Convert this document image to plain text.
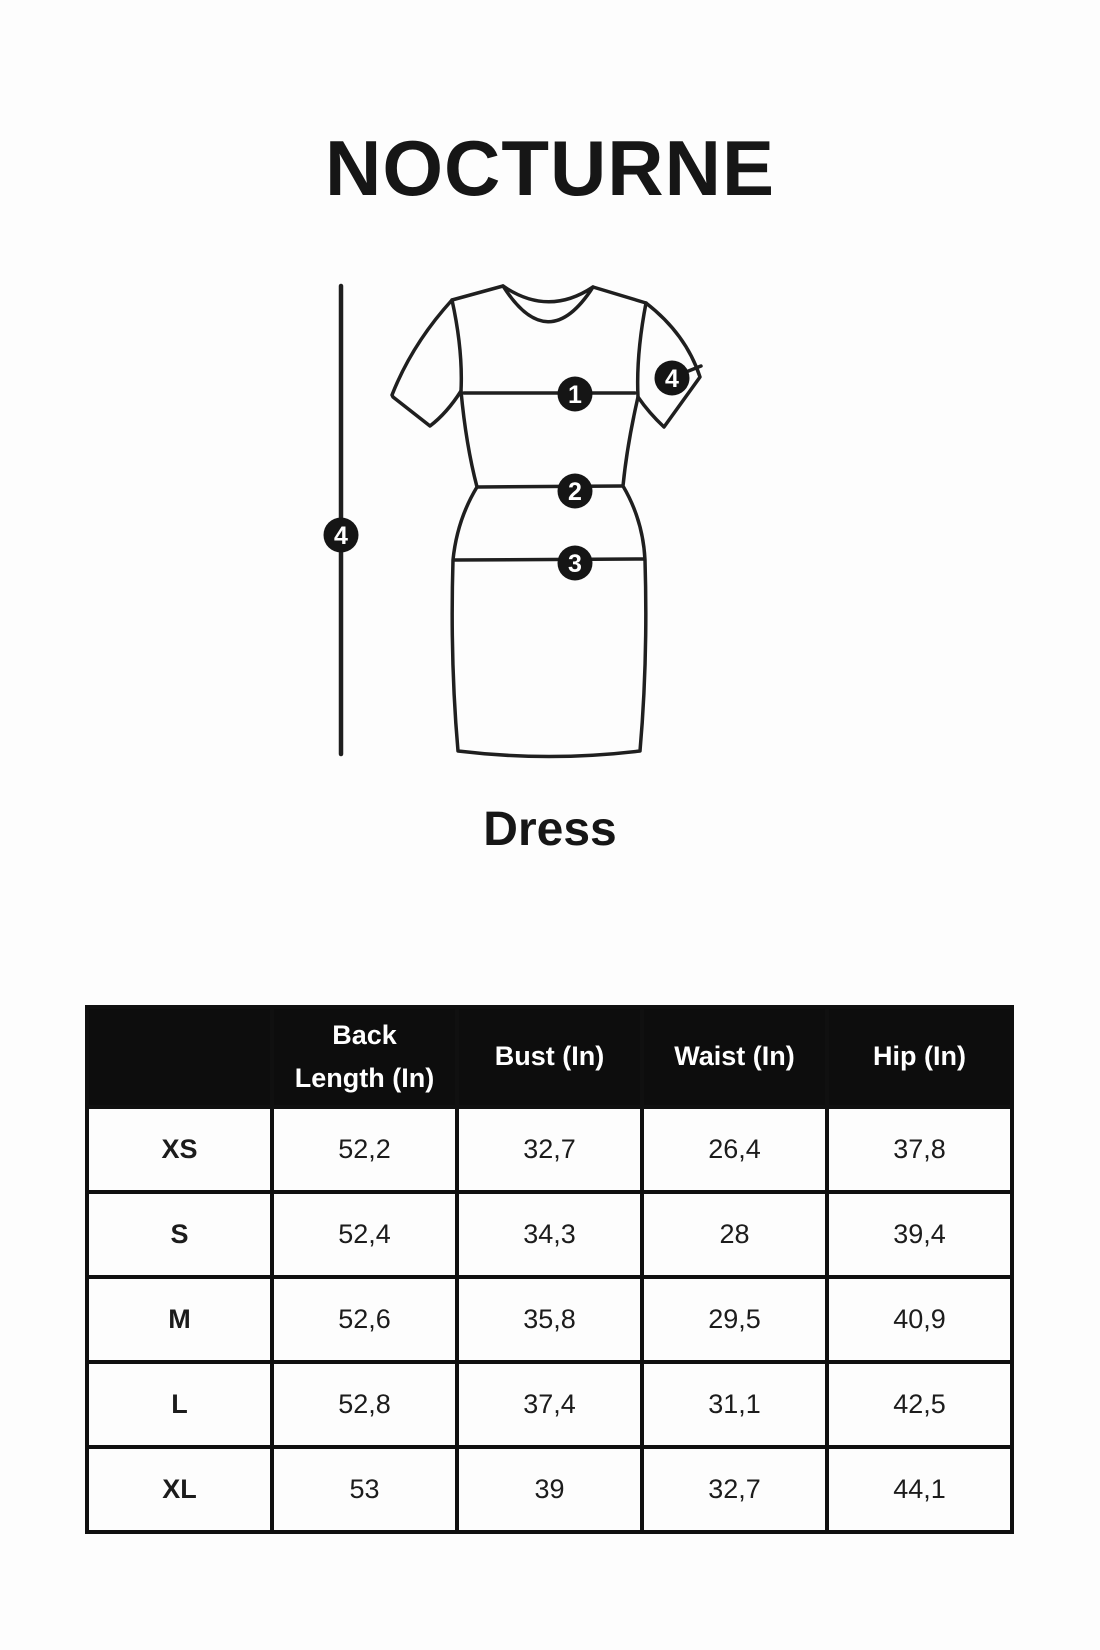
NOCTURNE
1
2
3
4
4
Dress
	Back Length (In)	Bust (In)	Waist (In)	Hip (In)
XS	52,2	32,7	26,4	37,8
S	52,4	34,3	28	39,4
M	52,6	35,8	29,5	40,9
L	52,8	37,4	31,1	42,5
XL	53	39	32,7	44,1
